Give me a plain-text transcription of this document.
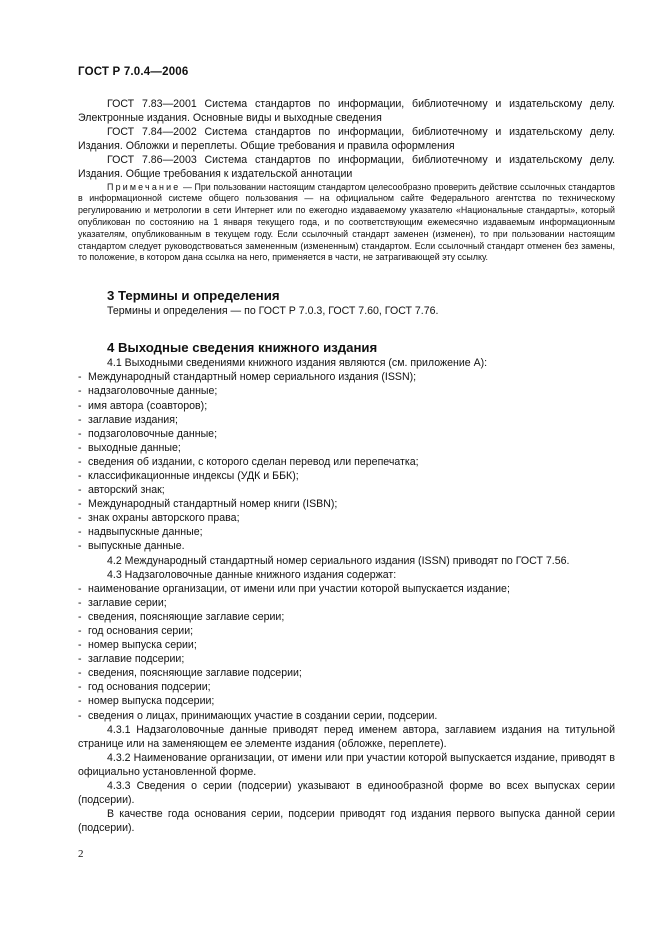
ГОСТ Р 7.0.4—2006

ГОСТ 7.83—2001 Система стандартов по информации, библиотечному и издательскому делу. Электронные издания. Основные виды и выходные сведения

ГОСТ 7.84—2002 Система стандартов по информации, библиотечному и издательскому делу. Издания. Обложки и переплеты. Общие требования и правила оформления

ГОСТ 7.86—2003 Система стандартов по информации, библиотечному и издательскому делу. Издания. Общие требования к издательской аннотации

Примечание — При пользовании настоящим стандартом целесообразно проверить действие ссылочных стандартов в информационной системе общего пользования — на официальном сайте Федерального агентства по техническому регулированию и метрологии в сети Интернет или по ежегодно издаваемому указателю «Национальные стандарты», который опубликован по состоянию на 1 января текущего года, и по соответствующим ежемесячно издаваемым информационным указателям, опубликованным в текущем году. Если ссылочный стандарт заменен (изменен), то при пользовании настоящим стандартом следует руководствоваться замененным (измененным) стандартом. Если ссылочный стандарт отменен без замены, то положение, в котором дана ссылка на него, применяется в части, не затрагивающей эту ссылку.

3 Термины и определения

Термины и определения — по ГОСТ Р 7.0.3, ГОСТ 7.60, ГОСТ 7.76.

4 Выходные сведения книжного издания

4.1 Выходными сведениями книжного издания являются (см. приложение А):

- Международный стандартный номер сериального издания (ISSN);
- надзаголовочные данные;
- имя автора (соавторов);
- заглавие издания;
- подзаголовочные данные;
- выходные данные;
- сведения об издании, с которого сделан перевод или перепечатка;
- классификационные индексы (УДК и ББК);
- авторский знак;
- Международный стандартный номер книги (ISBN);
- знак охраны авторского права;
- надвыпускные данные;
- выпускные данные.

4.2 Международный стандартный номер сериального издания (ISSN) приводят по ГОСТ 7.56.

4.3 Надзаголовочные данные книжного издания содержат:

- наименование организации, от имени или при участии которой выпускается издание;
- заглавие серии;
- сведения, поясняющие заглавие серии;
- год основания серии;
- номер выпуска серии;
- заглавие подсерии;
- сведения, поясняющие заглавие подсерии;
- год основания подсерии;
- номер выпуска подсерии;
- сведения о лицах, принимающих участие в создании серии, подсерии.

4.3.1 Надзаголовочные данные приводят перед именем автора, заглавием издания на титульной странице или на заменяющем ее элементе издания (обложке, переплете).

4.3.2 Наименование организации, от имени или при участии которой выпускается издание, приводят в официально установленной форме.

4.3.3 Сведения о серии (подсерии) указывают в единообразной форме во всех выпусках серии (подсерии).

В качестве года основания серии, подсерии приводят год издания первого выпуска данной серии (подсерии).

2
